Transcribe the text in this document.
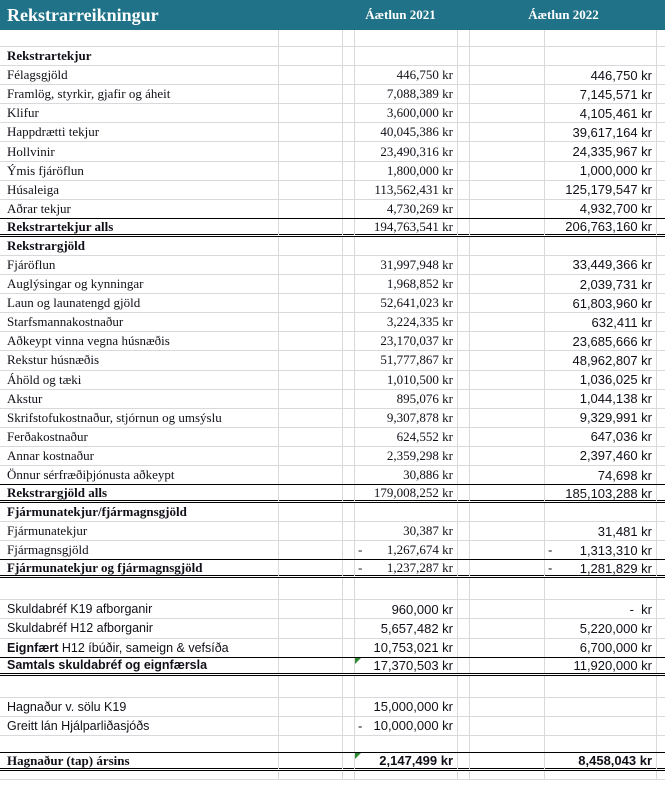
Rekstrarreikningur	Áætlun 2021	Áætlun 2022
Rekstrartekjur
Félagsgjöld	446,750 kr	446,750 kr
Framlög, styrkir, gjafir og áheit	7,088,389 kr	7,145,571 kr
Klifur	3,600,000 kr	4,105,461 kr
Happdrætti tekjur	40,045,386 kr	39,617,164 kr
Hollvinir	23,490,316 kr	24,335,967 kr
Ýmis fjáröflun	1,800,000 kr	1,000,000 kr
Húsaleiga	113,562,431 kr	125,179,547 kr
Aðrar tekjur	4,730,269 kr	4,932,700 kr
Rekstrartekjur alls	194,763,541 kr	206,763,160 kr
Rekstrargjöld
Fjáröflun	31,997,948 kr	33,449,366 kr
Auglýsingar og kynningar	1,968,852 kr	2,039,731 kr
Laun og launatengd gjöld	52,641,023 kr	61,803,960 kr
Starfsmannakostnaður	3,224,335 kr	632,411 kr
Aðkeypt vinna vegna húsnæðis	23,170,037 kr	23,685,666 kr
Rekstur húsnæðis	51,777,867 kr	48,962,807 kr
Áhöld og tæki	1,010,500 kr	1,036,025 kr
Akstur	895,076 kr	1,044,138 kr
Skrifstofukostnaður, stjórnun og umsýslu	9,307,878 kr	9,329,991 kr
Ferðakostnaður	624,552 kr	647,036 kr
Annar kostnaður	2,359,298 kr	2,397,460 kr
Önnur sérfræðiþjónusta aðkeypt	30,886 kr	74,698 kr
Rekstrargjöld alls	179,008,252 kr	185,103,288 kr
Fjármunatekjur/fjármagnsgjöld
Fjármunatekjur	30,387 kr	31,481 kr
Fjármagnsgjöld	- 1,267,674 kr	- 1,313,310 kr
Fjármunatekjur og fjármagnsgjöld	- 1,237,287 kr	- 1,281,829 kr
Skuldabréf K19 afborganir	960,000 kr	-  kr
Skuldabréf H12 afborganir	5,657,482 kr	5,220,000 kr
Eignfært H12 íbúðir, sameign & vefsíða	10,753,021 kr	6,700,000 kr
Samtals skuldabréf og eignfærsla	17,370,503 kr	11,920,000 kr
Hagnaður v. sölu K19	15,000,000 kr
Greitt lán Hjálparliðasjóðs	- 10,000,000 kr
Hagnaður (tap) ársins	2,147,499 kr	8,458,043 kr
